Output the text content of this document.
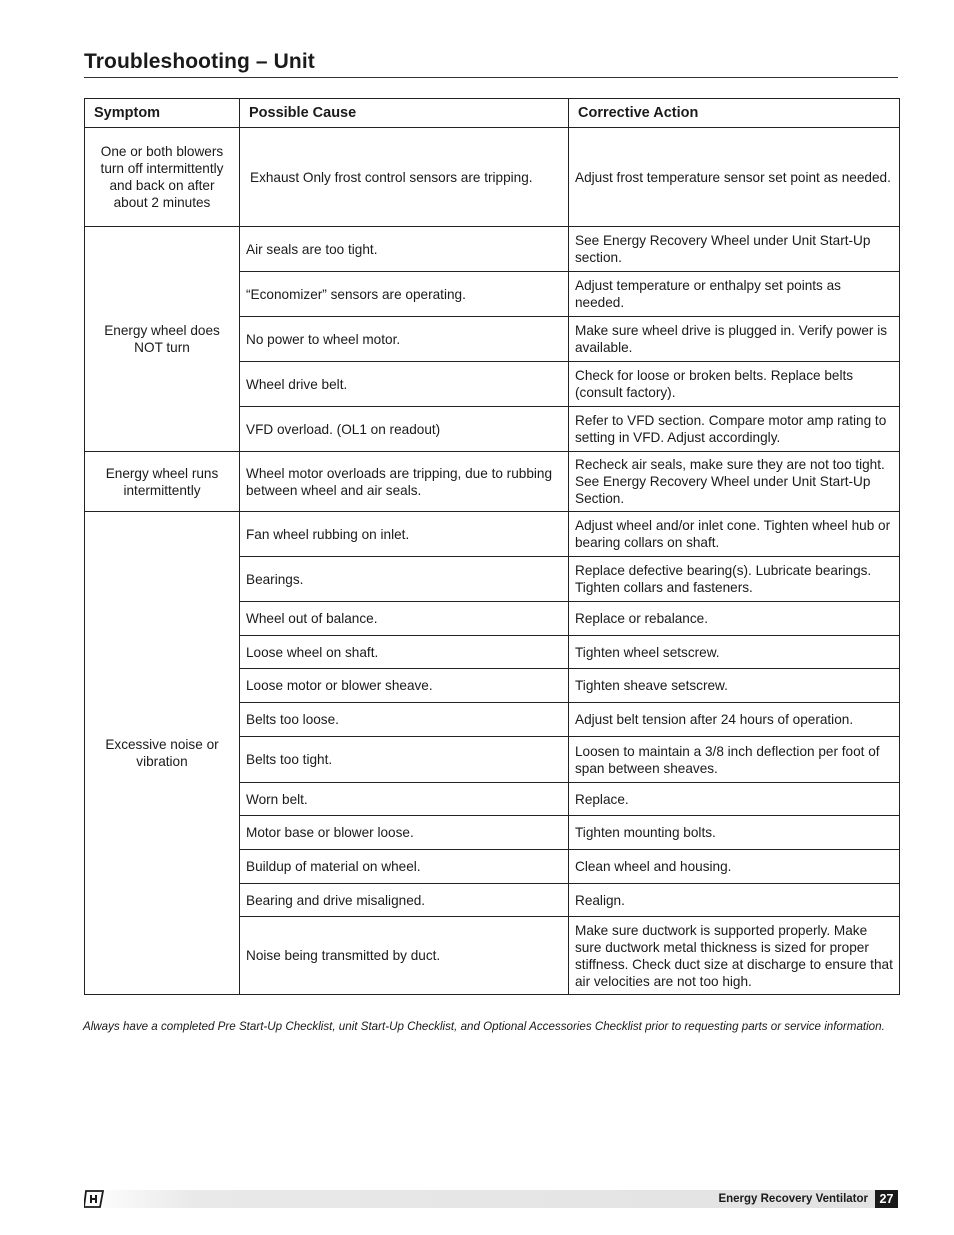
Troubleshooting – Unit
Symptom	Possible Cause	Corrective Action
One or both blowers turn off intermittently and back on after about 2 minutes	Exhaust Only frost control sensors are tripping.	Adjust frost temperature sensor set point as needed.
Energy wheel does NOT turn	Air seals are too tight.	See Energy Recovery Wheel under Unit Start-Up section.
	“Economizer” sensors are operating.	Adjust temperature or enthalpy set points as needed.
	No power to wheel motor.	Make sure wheel drive is plugged in. Verify power is available.
	Wheel drive belt.	Check for loose or broken belts. Replace belts (consult factory).
	VFD overload. (OL1 on readout)	Refer to VFD section. Compare motor amp rating to setting in VFD. Adjust accordingly.
Energy wheel runs intermittently	Wheel motor overloads are tripping, due to rubbing between wheel and air seals.	Recheck air seals, make sure they are not too tight. See Energy Recovery Wheel under Unit Start-Up Section.
Excessive noise or vibration	Fan wheel rubbing on inlet.	Adjust wheel and/or inlet cone. Tighten wheel hub or bearing collars on shaft.
	Bearings.	Replace defective bearing(s). Lubricate bearings. Tighten collars and fasteners.
	Wheel out of balance.	Replace or rebalance.
	Loose wheel on shaft.	Tighten wheel setscrew.
	Loose motor or blower sheave.	Tighten sheave setscrew.
	Belts too loose.	Adjust belt tension after 24 hours of operation.
	Belts too tight.	Loosen to maintain a 3/8 inch deflection per foot of span between sheaves.
	Worn belt.	Replace.
	Motor base or blower loose.	Tighten mounting bolts.
	Buildup of material on wheel.	Clean wheel and housing.
	Bearing and drive misaligned.	Realign.
	Noise being transmitted by duct.	Make sure ductwork is supported properly. Make sure ductwork metal thickness is sized for proper stiffness. Check duct size at discharge to ensure that air velocities are not too high.
Always have a completed Pre Start-Up Checklist, unit Start-Up Checklist, and Optional Accessories Checklist prior to requesting parts or service information.
Energy Recovery Ventilator 27
